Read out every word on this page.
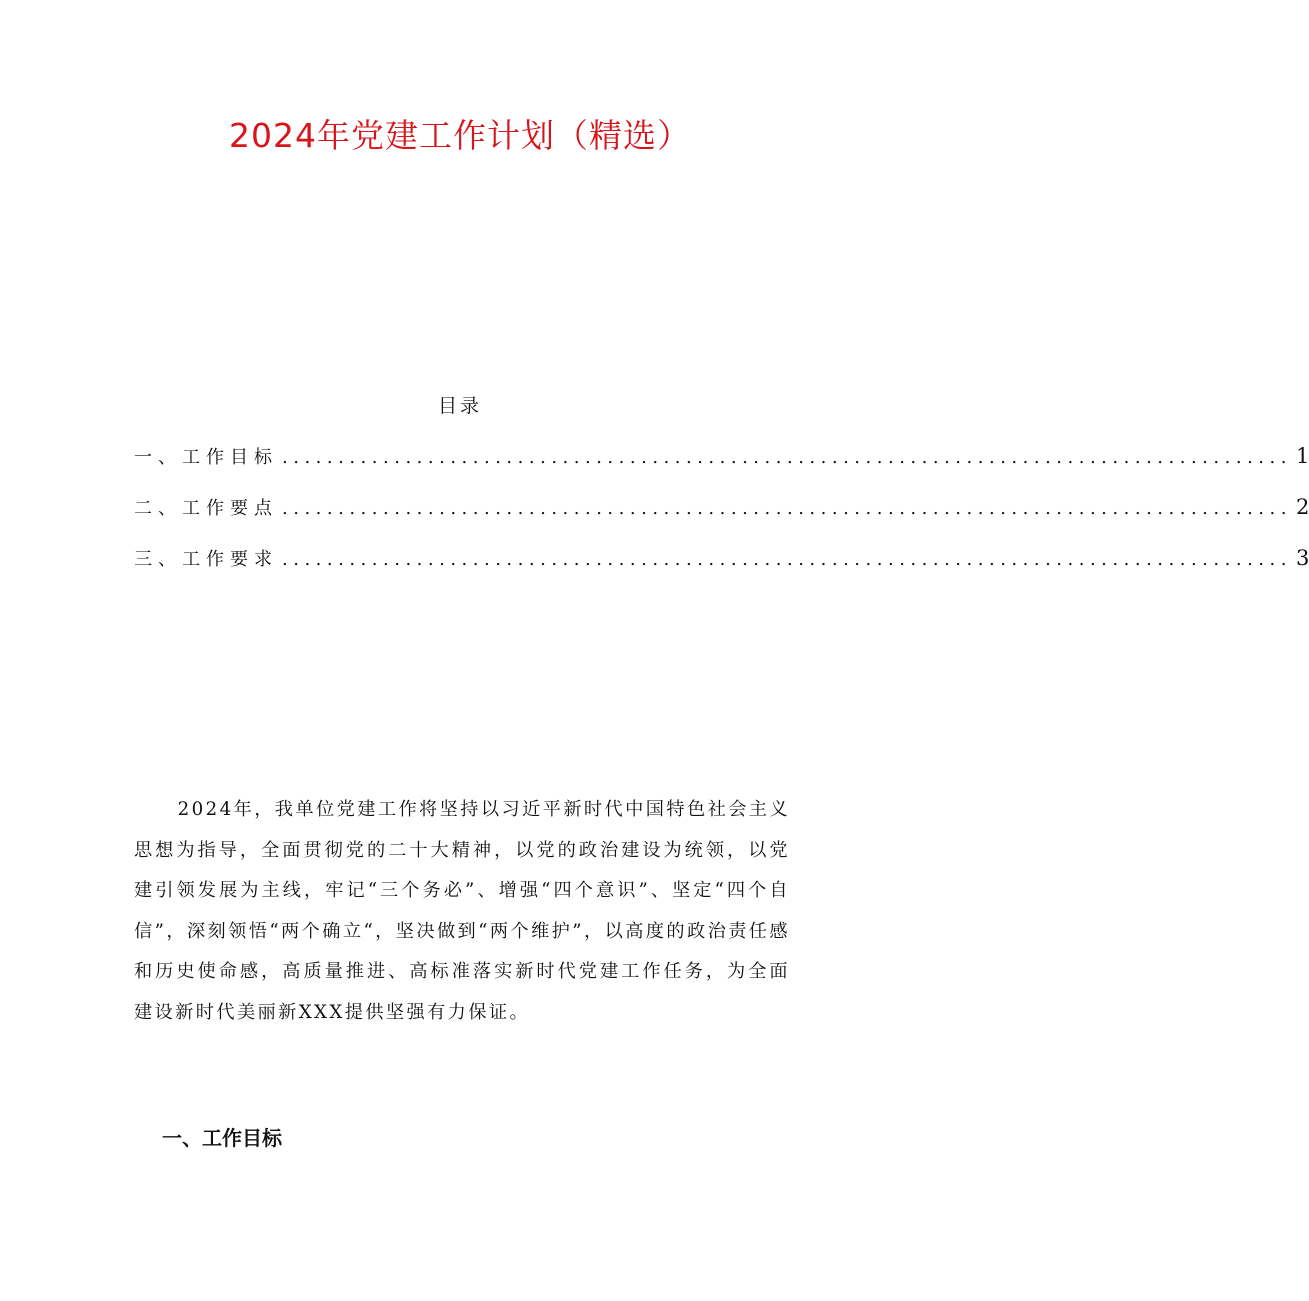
2024年党建工作计划（精选）
目录
一、工作目标 .......................................................................................... 1
二、工作要点 .......................................................................................... 2
三、工作要求 .......................................................................................... 3

2024年，我单位党建工作将坚持以习近平新时代中国特色社会主义思想为指导，全面贯彻党的二十大精神，以党的政治建设为统领，以党建引领发展为主线，牢记“三个务必”、增强“四个意识”、坚定“四个自信”，深刻领悟“两个确立“，坚决做到“两个维护”，以高度的政治责任感和历史使命感，高质量推进、高标准落实新时代党建工作任务，为全面建设新时代美丽新XXX提供坚强有力保证。

一、工作目标
